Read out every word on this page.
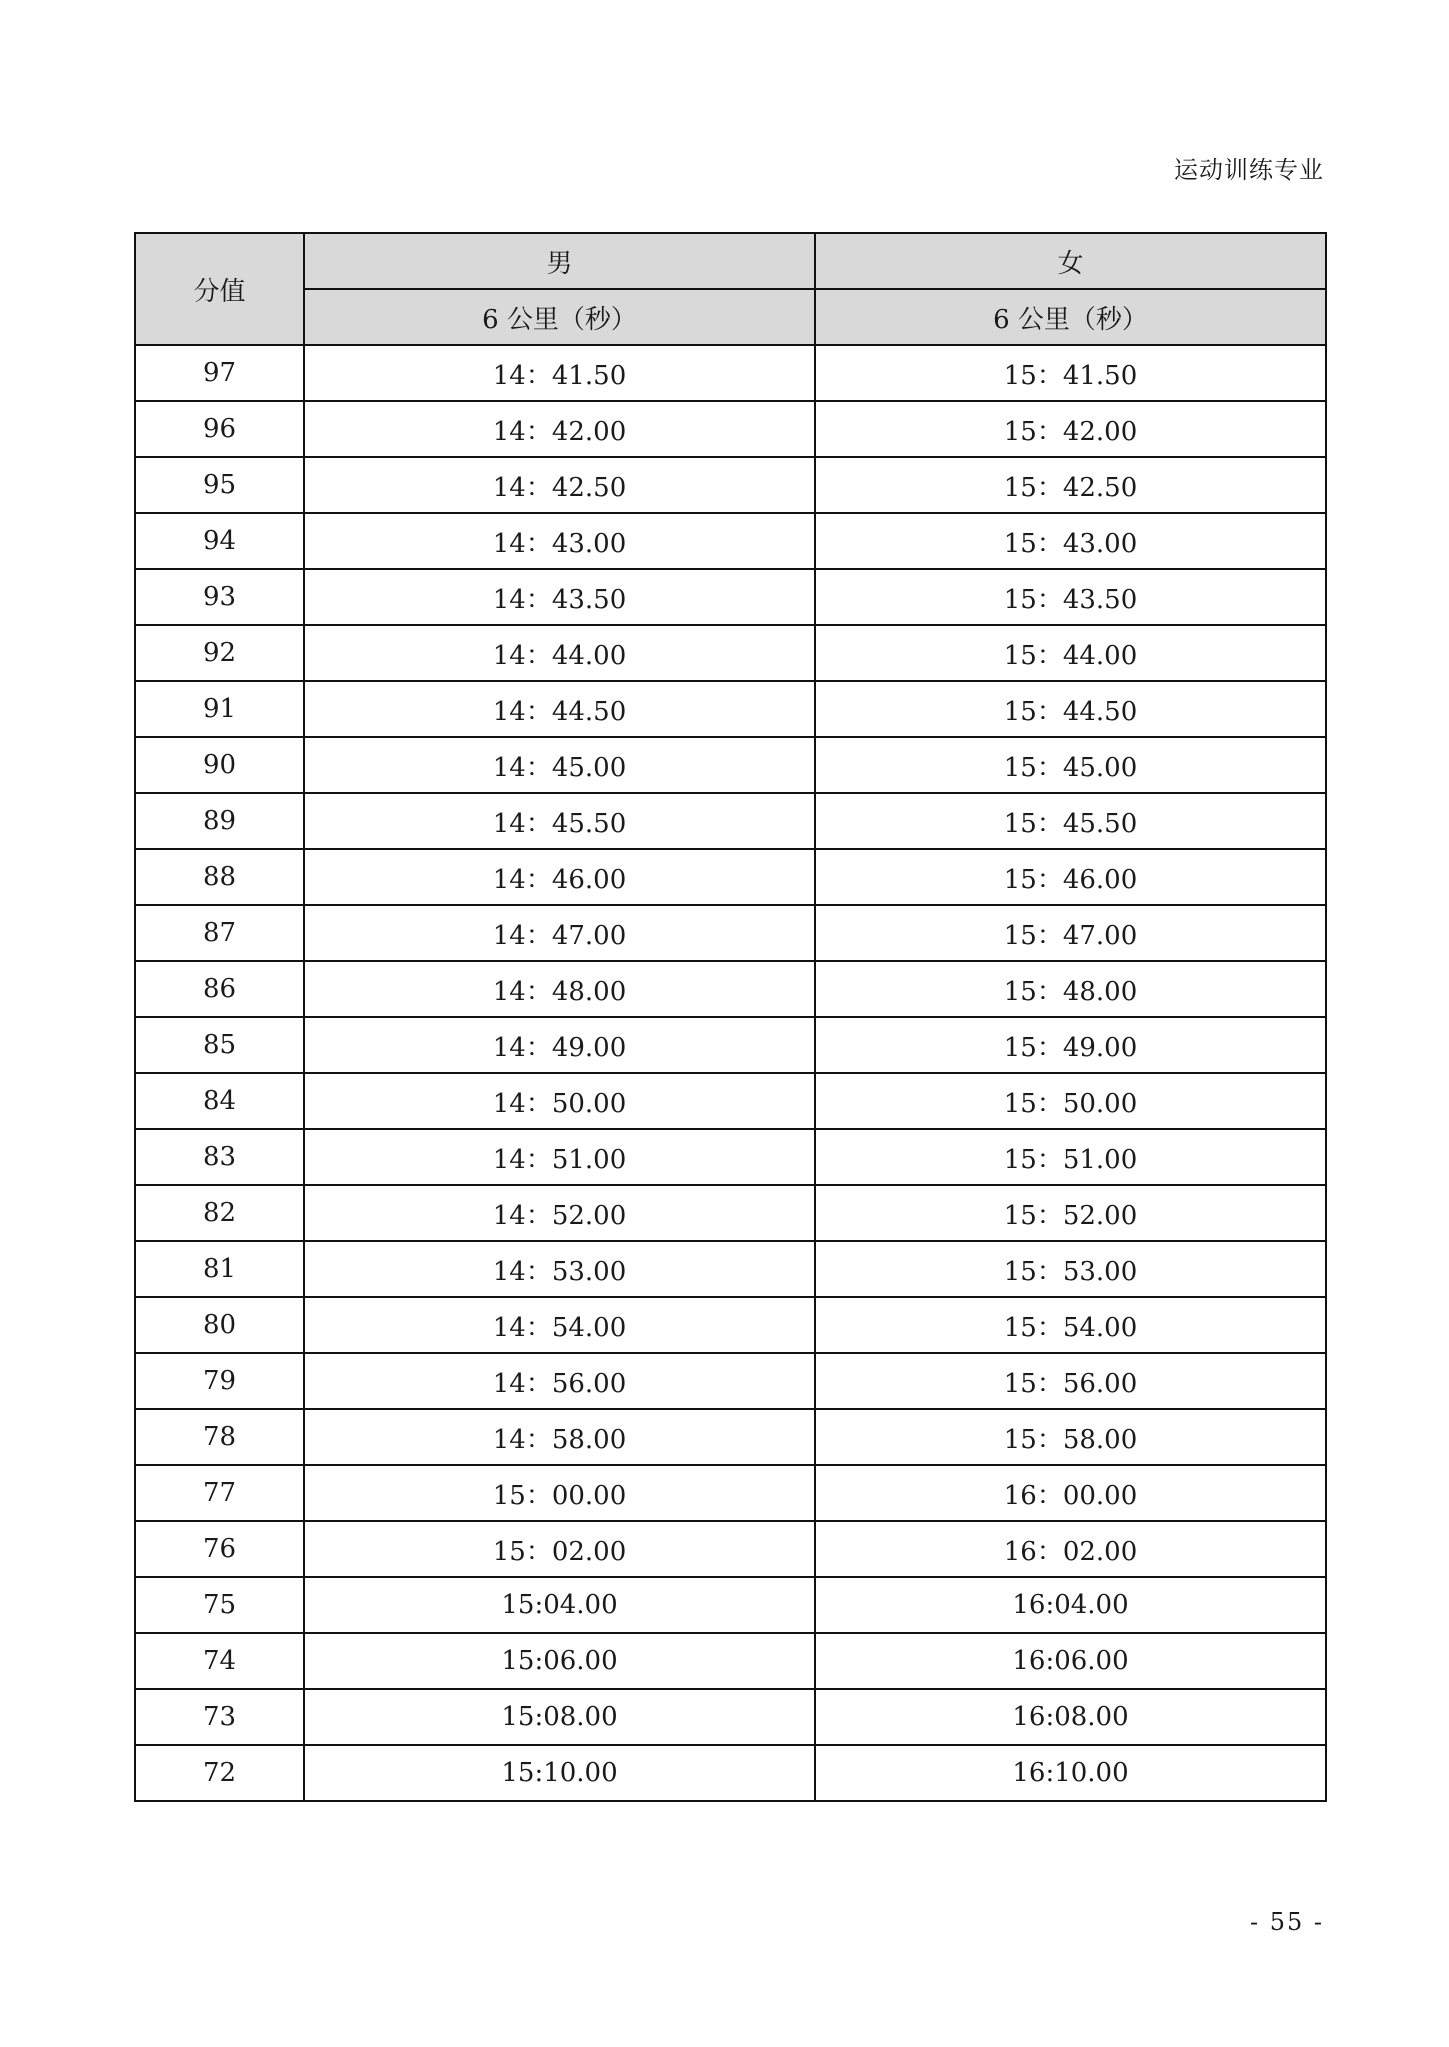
运动训练专业
分值	男	女
	6 公里（秒）	6 公里（秒）
97	14：41.50	15：41.50
96	14：42.00	15：42.00
95	14：42.50	15：42.50
94	14：43.00	15：43.00
93	14：43.50	15：43.50
92	14：44.00	15：44.00
91	14：44.50	15：44.50
90	14：45.00	15：45.00
89	14：45.50	15：45.50
88	14：46.00	15：46.00
87	14：47.00	15：47.00
86	14：48.00	15：48.00
85	14：49.00	15：49.00
84	14：50.00	15：50.00
83	14：51.00	15：51.00
82	14：52.00	15：52.00
81	14：53.00	15：53.00
80	14：54.00	15：54.00
79	14：56.00	15：56.00
78	14：58.00	15：58.00
77	15：00.00	16：00.00
76	15：02.00	16：02.00
75	15:04.00	16:04.00
74	15:06.00	16:06.00
73	15:08.00	16:08.00
72	15:10.00	16:10.00
- 55 -
